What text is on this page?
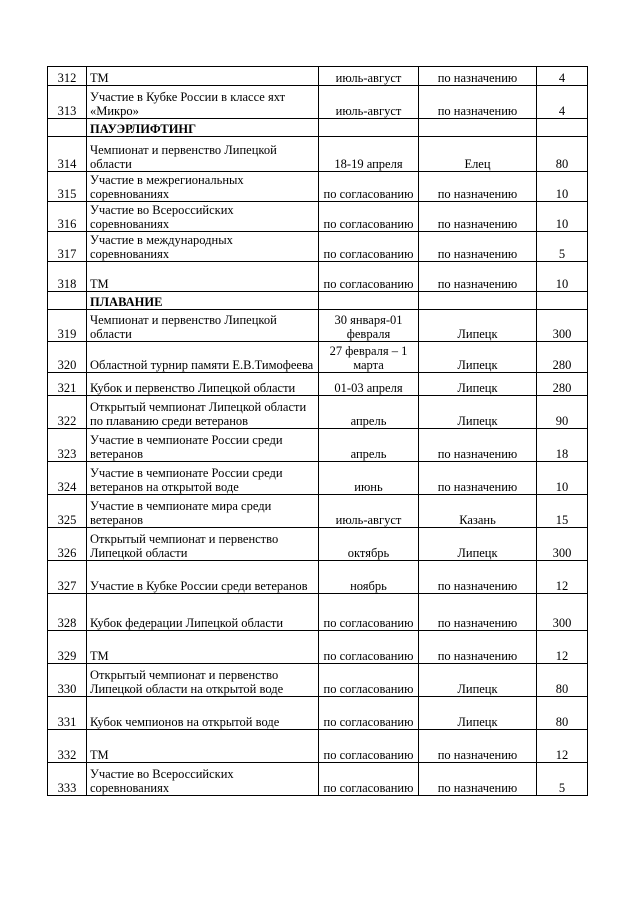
312	ТМ	июль-август	по назначению	4
313	Участие в Кубке России в классе яхт «Микро»	июль-август	по назначению	4
	ПАУЭРЛИФТИНГ			
314	Чемпионат и первенство Липецкой области	18-19 апреля	Елец	80
315	Участие в межрегиональных соревнованиях	по согласованию	по назначению	10
316	Участие во Всероссийских соревнованиях	по согласованию	по назначению	10
317	Участие в международных соревнованиях	по согласованию	по назначению	5
318	ТМ	по согласованию	по назначению	10
	ПЛАВАНИЕ			
319	Чемпионат и первенство Липецкой области	30 января-01 февраля	Липецк	300
320	Областной турнир памяти Е.В.Тимофеева	27 февраля – 1 марта	Липецк	280
321	Кубок и первенство Липецкой области	01-03 апреля	Липецк	280
322	Открытый чемпионат Липецкой области по плаванию среди ветеранов	апрель	Липецк	90
323	Участие в чемпионате России среди ветеранов	апрель	по назначению	18
324	Участие в чемпионате России среди ветеранов на открытой воде	июнь	по назначению	10
325	Участие в чемпионате мира среди ветеранов	июль-август	Казань	15
326	Открытый чемпионат и первенство Липецкой области	октябрь	Липецк	300
327	Участие в Кубке России среди ветеранов	ноябрь	по назначению	12
328	Кубок федерации Липецкой области	по согласованию	по назначению	300
329	ТМ	по согласованию	по назначению	12
330	Открытый чемпионат и первенство Липецкой области на открытой воде	по согласованию	Липецк	80
331	Кубок чемпионов на открытой воде	по согласованию	Липецк	80
332	ТМ	по согласованию	по назначению	12
333	Участие во Всероссийских соревнованиях	по согласованию	по назначению	5
